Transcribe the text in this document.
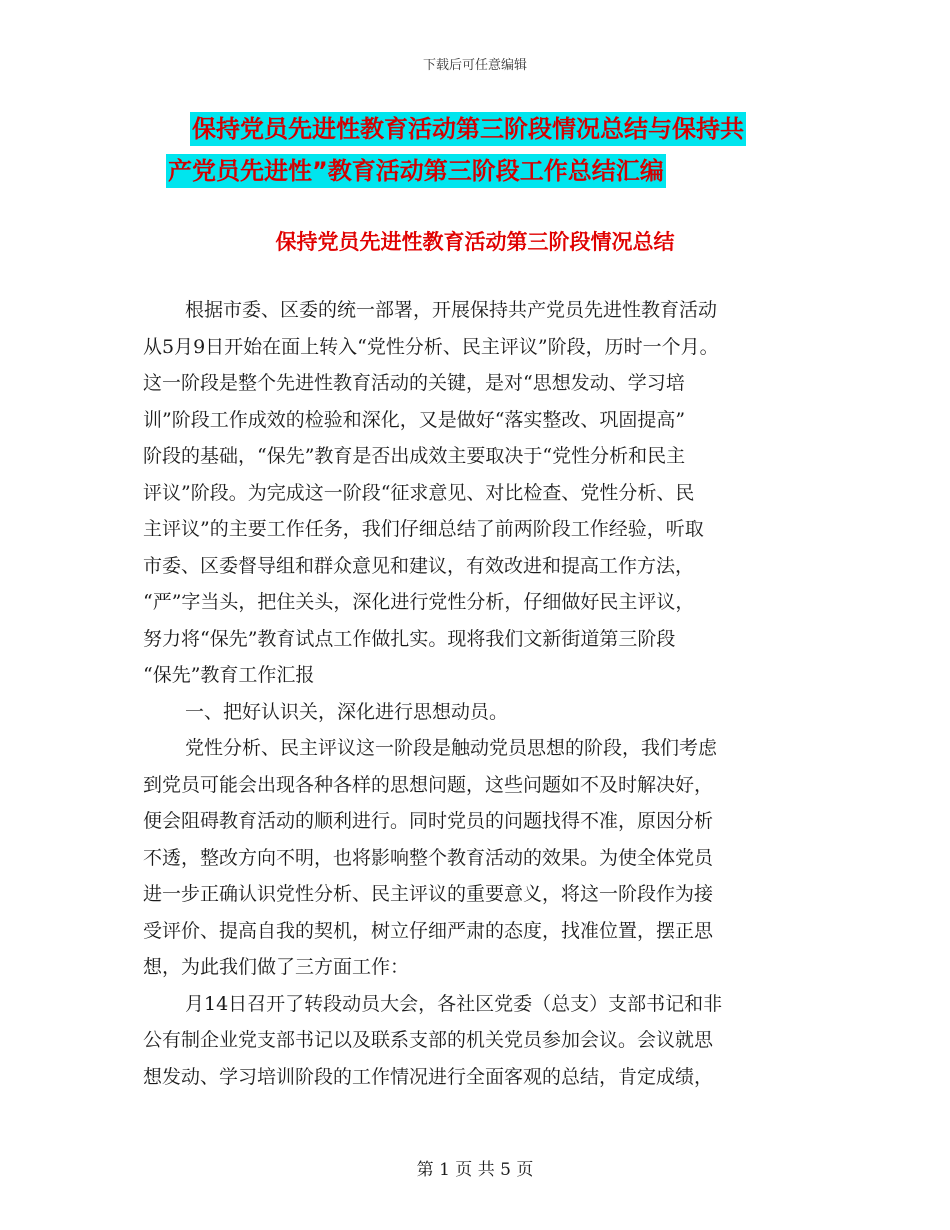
下载后可任意编辑
保持党员先进性教育活动第三阶段情况总结与保持共
产党员先进性”教育活动第三阶段工作总结汇编
保持党员先进性教育活动第三阶段情况总结
根据市委、区委的统一部署，开展保持共产党员先进性教育活动
从5月9日开始在面上转入“党性分析、民主评议”阶段，历时一个月。
这一阶段是整个先进性教育活动的关键，是对“思想发动、学习培
训”阶段工作成效的检验和深化，又是做好“落实整改、巩固提高”
阶段的基础，“保先”教育是否出成效主要取决于“党性分析和民主
评议”阶段。为完成这一阶段“征求意见、对比检查、党性分析、民
主评议”的主要工作任务，我们仔细总结了前两阶段工作经验，听取
市委、区委督导组和群众意见和建议，有效改进和提高工作方法，
“严”字当头，把住关头，深化进行党性分析，仔细做好民主评议，
努力将“保先”教育试点工作做扎实。现将我们文新街道第三阶段
“保先”教育工作汇报
一、把好认识关，深化进行思想动员。
党性分析、民主评议这一阶段是触动党员思想的阶段，我们考虑
到党员可能会出现各种各样的思想问题，这些问题如不及时解决好，
便会阻碍教育活动的顺利进行。同时党员的问题找得不准，原因分析
不透，整改方向不明，也将影响整个教育活动的效果。为使全体党员
进一步正确认识党性分析、民主评议的重要意义，将这一阶段作为接
受评价、提高自我的契机，树立仔细严肃的态度，找准位置，摆正思
想，为此我们做了三方面工作：
月14日召开了转段动员大会，各社区党委（总支）支部书记和非
公有制企业党支部书记以及联系支部的机关党员参加会议。会议就思
想发动、学习培训阶段的工作情况进行全面客观的总结，肯定成绩，
第 1 页 共 5 页
